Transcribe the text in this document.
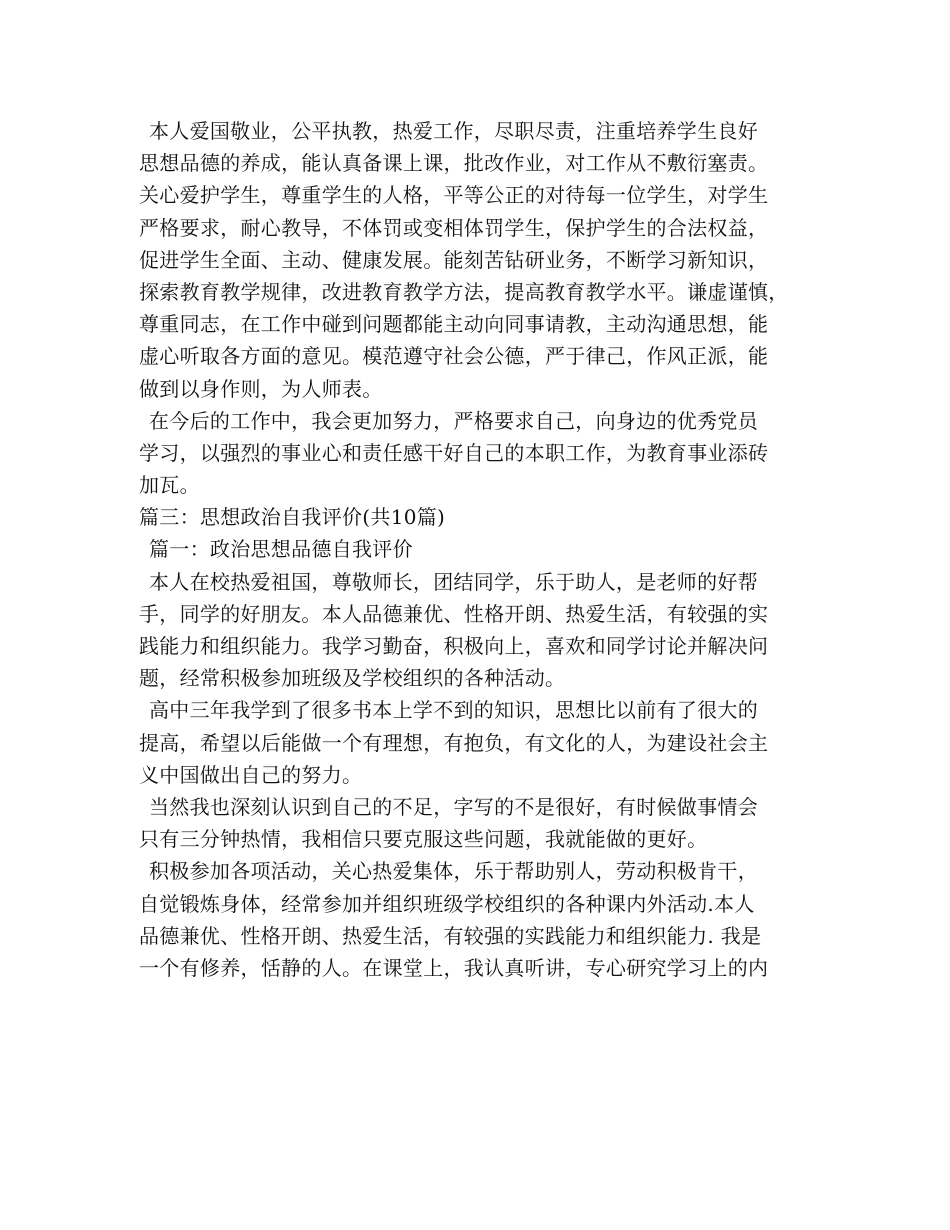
本人爱国敬业，公平执教，热爱工作，尽职尽责，注重培养学生良好
思想品德的养成，能认真备课上课，批改作业，对工作从不敷衍塞责。
关心爱护学生，尊重学生的人格，平等公正的对待每一位学生，对学生
严格要求，耐心教导，不体罚或变相体罚学生，保护学生的合法权益，
促进学生全面、主动、健康发展。能刻苦钻研业务，不断学习新知识，
探索教育教学规律，改进教育教学方法，提高教育教学水平。谦虚谨慎，
尊重同志，在工作中碰到问题都能主动向同事请教，主动沟通思想，能
虚心听取各方面的意见。模范遵守社会公德，严于律己，作风正派，能
做到以身作则，为人师表。
在今后的工作中，我会更加努力，严格要求自己，向身边的优秀党员
学习，以强烈的事业心和责任感干好自己的本职工作，为教育事业添砖
加瓦。
篇三：思想政治自我评价(共10篇)
篇一：政治思想品德自我评价
本人在校热爱祖国，尊敬师长，团结同学，乐于助人，是老师的好帮
手，同学的好朋友。本人品德兼优、性格开朗、热爱生活，有较强的实
践能力和组织能力。我学习勤奋，积极向上，喜欢和同学讨论并解决问
题，经常积极参加班级及学校组织的各种活动。
高中三年我学到了很多书本上学不到的知识，思想比以前有了很大的
提高，希望以后能做一个有理想，有抱负，有文化的人，为建设社会主
义中国做出自己的努力。
当然我也深刻认识到自己的不足，字写的不是很好，有时候做事情会
只有三分钟热情，我相信只要克服这些问题，我就能做的更好。
积极参加各项活动，关心热爱集体，乐于帮助别人，劳动积极肯干，
自觉锻炼身体，经常参加并组织班级学校组织的各种课内外活动.本人
品德兼优、性格开朗、热爱生活，有较强的实践能力和组织能力. 我是
一个有修养，恬静的人。在课堂上，我认真听讲，专心研究学习上的内
